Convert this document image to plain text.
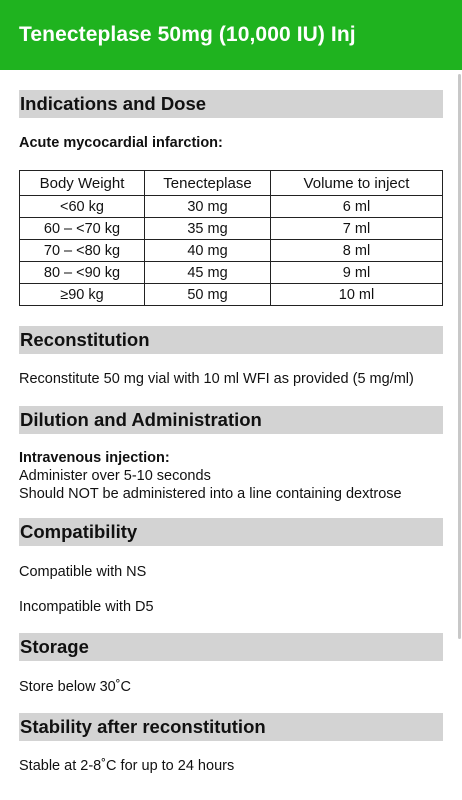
Tenecteplase 50mg (10,000 IU) Inj
Indications and Dose
Acute mycocardial infarction:
Body Weight	Tenecteplase	Volume to inject
<60 kg	30 mg	6 ml
60 – <70 kg	35 mg	7 ml
70 – <80 kg	40 mg	8 ml
80 – <90 kg	45 mg	9 ml
≥90 kg	50 mg	10 ml
Reconstitution
Reconstitute 50 mg vial with 10 ml WFI as provided (5 mg/ml)
Dilution and Administration
Intravenous injection:
Administer over 5-10 seconds
Should NOT be administered into a line containing dextrose
Compatibility
Compatible with NS
Incompatible with D5
Storage
Store below 30˚C
Stability after reconstitution
Stable at 2-8˚C for up to 24 hours
